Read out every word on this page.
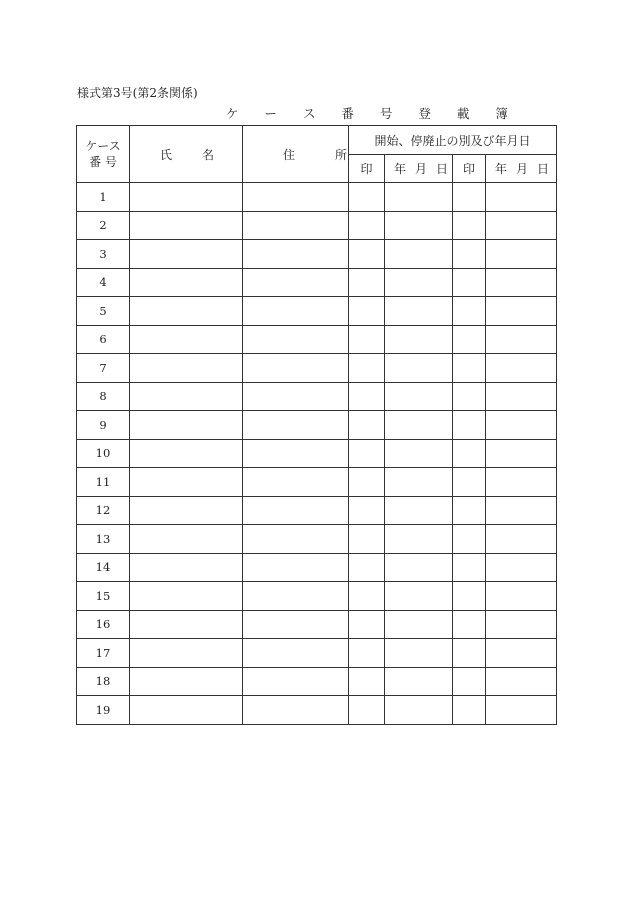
様式第3号(第2条関係)
ケ ー ス 番 号 登 載 簿
ケース
番 号	氏名	住所	開始、停廃止の別及び年月日			
			印	年月日	印	年月日
1						
2						
3						
4						
5						
6						
7						
8						
9						
10						
11						
12						
13						
14						
15						
16						
17						
18						
19						
